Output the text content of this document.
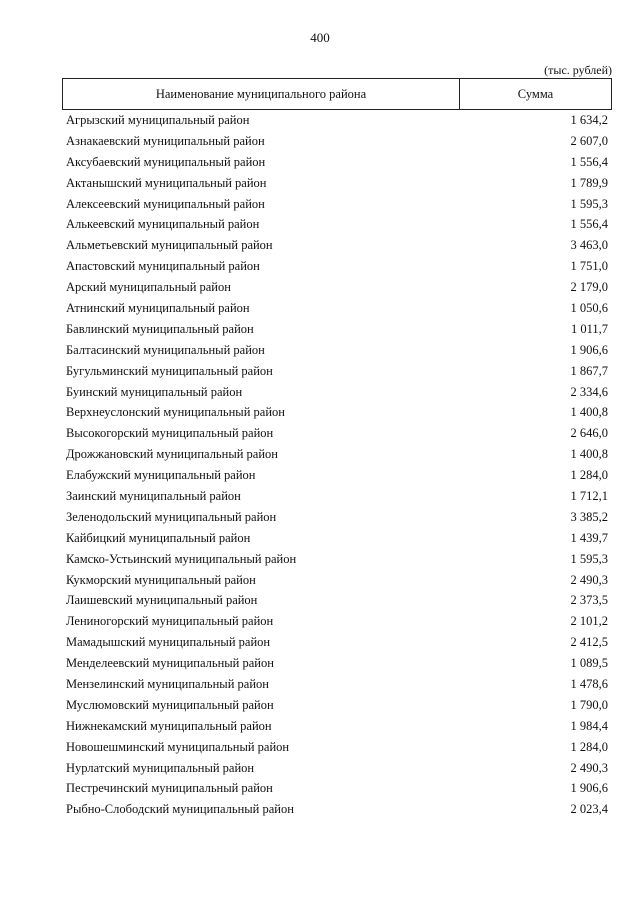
400
(тыс. рублей)
Наименование муниципального района	Сумма
Агрызский муниципальный район	1 634,2
Азнакаевский муниципальный район	2 607,0
Аксубаевский муниципальный район	1 556,4
Актанышский муниципальный район	1 789,9
Алексеевский муниципальный район	1 595,3
Алькеевский муниципальный район	1 556,4
Альметьевский муниципальный район	3 463,0
Апастовский муниципальный район	1 751,0
Арский муниципальный район	2 179,0
Атнинский муниципальный район	1 050,6
Бавлинский муниципальный район	1 011,7
Балтасинский муниципальный район	1 906,6
Бугульминский муниципальный район	1 867,7
Буинский муниципальный район	2 334,6
Верхнеуслонский муниципальный район	1 400,8
Высокогорский муниципальный район	2 646,0
Дрожжановский муниципальный район	1 400,8
Елабужский муниципальный район	1 284,0
Заинский муниципальный район	1 712,1
Зеленодольский муниципальный район	3 385,2
Кайбицкий муниципальный район	1 439,7
Камско-Устьинский муниципальный район	1 595,3
Кукморский муниципальный район	2 490,3
Лаишевский муниципальный район	2 373,5
Лениногорский муниципальный район	2 101,2
Мамадышский муниципальный район	2 412,5
Менделеевский муниципальный район	1 089,5
Мензелинский муниципальный район	1 478,6
Муслюмовский муниципальный район	1 790,0
Нижнекамский муниципальный район	1 984,4
Новошешминский муниципальный район	1 284,0
Нурлатский муниципальный район	2 490,3
Пестречинский муниципальный район	1 906,6
Рыбно-Слободский муниципальный район	2 023,4
